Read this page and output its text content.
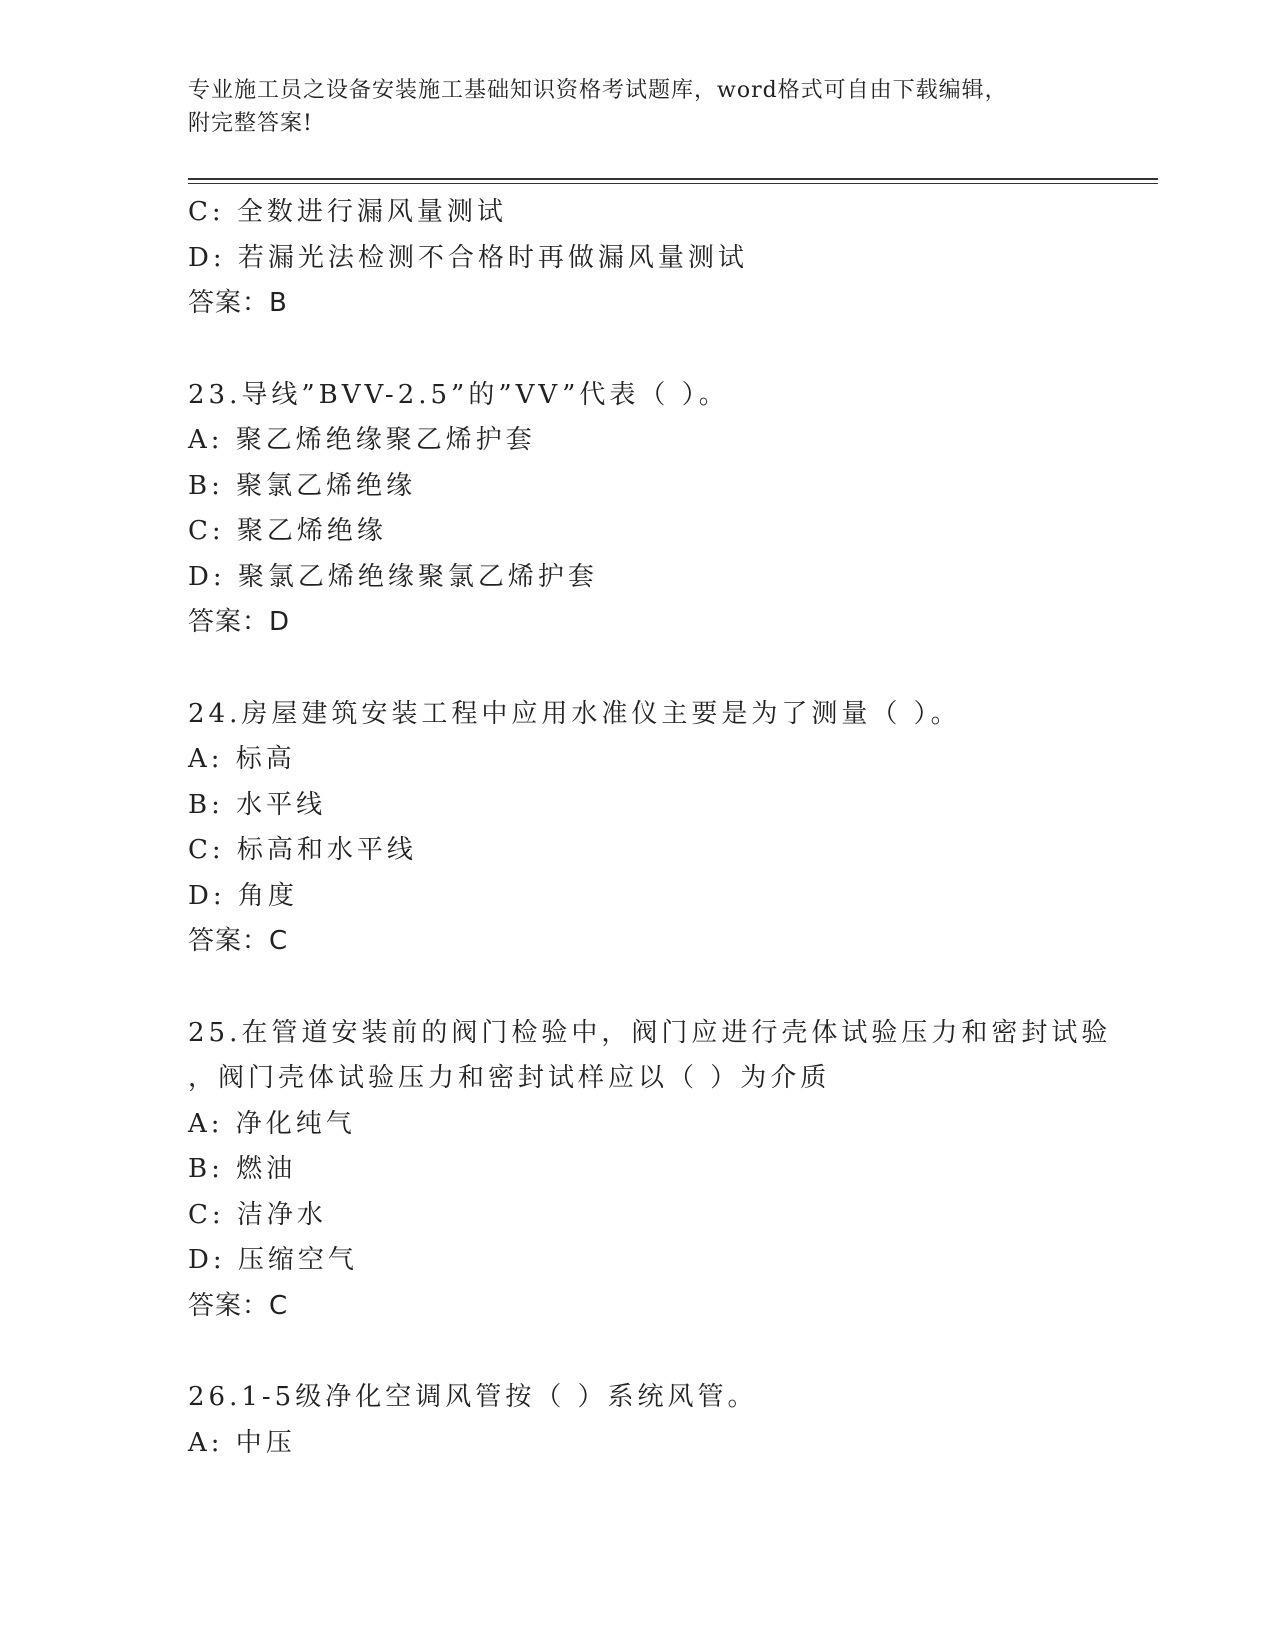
专业施工员之设备安装施工基础知识资格考试题库，word格式可自由下载编辑，
附完整答案!
C: 全数进行漏风量测试
D: 若漏光法检测不合格时再做漏风量测试
答案：B
23.导线”BVV-2.5”的”VV”代表（ ）。
A: 聚乙烯绝缘聚乙烯护套
B: 聚氯乙烯绝缘
C: 聚乙烯绝缘
D: 聚氯乙烯绝缘聚氯乙烯护套
答案：D
24.房屋建筑安装工程中应用水准仪主要是为了测量（ ）。
A: 标高
B: 水平线
C: 标高和水平线
D: 角度
答案：C
25.在管道安装前的阀门检验中，阀门应进行壳体试验压力和密封试验
，阀门壳体试验压力和密封试样应以（ ）为介质
A: 净化纯气
B: 燃油
C: 洁净水
D: 压缩空气
答案：C
26.1-5级净化空调风管按（ ）系统风管。
A: 中压
